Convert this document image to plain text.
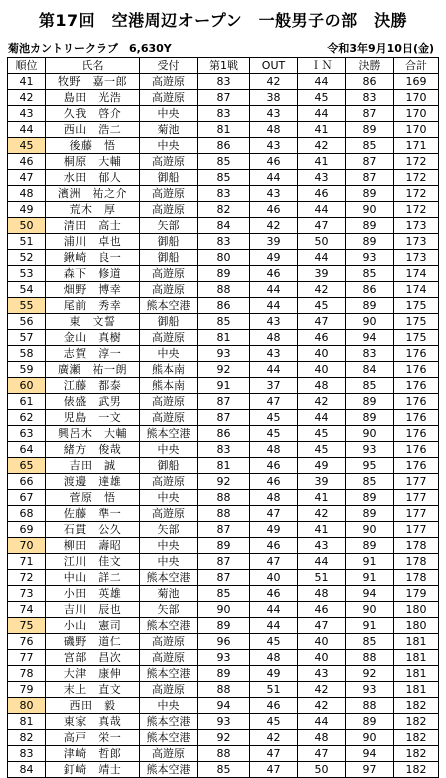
第17回　空港周辺オープン　一般男子の部　決勝
菊池カントリークラブ　6,630Y	令和3年9月10日(金)
順位	氏名	受付	第1戦	OUT	ＩＮ	決勝	合計
41	牧野　嘉一郎	高遊原	83	42	44	86	169
42	島田　光浩	高遊原	87	38	45	83	170
43	久我　啓介	中央	83	43	44	87	170
44	西山　浩二	菊池	81	48	41	89	170
45	後藤　悟	中央	86	43	42	85	171
46	桐原　大輔	高遊原	85	46	41	87	172
47	水田　郁人	御船	85	44	43	87	172
48	濱洲　祐之介	高遊原	83	43	46	89	172
49	荒木　厚	高遊原	82	46	44	90	172
50	清田　高士	矢部	84	42	47	89	173
51	浦川　卓也	御船	83	39	50	89	173
52	鍬崎　良一	御船	80	49	44	93	173
53	森下　修道	高遊原	89	46	39	85	174
54	畑野　博幸	高遊原	88	44	42	86	174
55	尾前　秀幸	熊本空港	86	44	45	89	175
56	東　文誓	御船	85	43	47	90	175
57	金山　真樹	高遊原	81	48	46	94	175
58	志賀　淳一	中央	93	43	40	83	176
59	廣瀬　祐一朗	熊本南	92	44	40	84	176
60	江藤　都泰	熊本南	91	37	48	85	176
61	俵盛　武男	高遊原	87	47	42	89	176
62	児島　一文	高遊原	87	45	44	89	176
63	興呂木　大輔	熊本空港	86	45	45	90	176
64	緒方　俊哉	中央	83	48	45	93	176
65	吉田　誠	御船	81	46	49	95	176
66	渡邊　達雄	高遊原	92	46	39	85	177
67	菅原　悟	中央	88	48	41	89	177
68	佐藤　準一	高遊原	88	47	42	89	177
69	石貫　公久	矢部	87	49	41	90	177
70	柳田　壽昭	中央	89	46	43	89	178
71	江川　佳文	中央	87	47	44	91	178
72	中山　詳二	熊本空港	87	40	51	91	178
73	小田　英雄	菊池	85	46	48	94	179
74	吉川　辰也	矢部	90	44	46	90	180
75	小山　憲司	熊本空港	89	44	47	91	180
76	磯野　道仁	高遊原	96	45	40	85	181
77	宮部　昌次	高遊原	93	48	40	88	181
78	大津　康伸	熊本空港	89	49	43	92	181
79	末上　直文	高遊原	88	51	42	93	181
80	西田　毅	中央	94	46	42	88	182
81	東家　真哉	熊本空港	93	45	44	89	182
82	高戸　栄一	熊本空港	92	42	48	90	182
83	津崎　哲郎	高遊原	88	47	47	94	182
84	釘崎　靖士	熊本空港	85	47	50	97	182
